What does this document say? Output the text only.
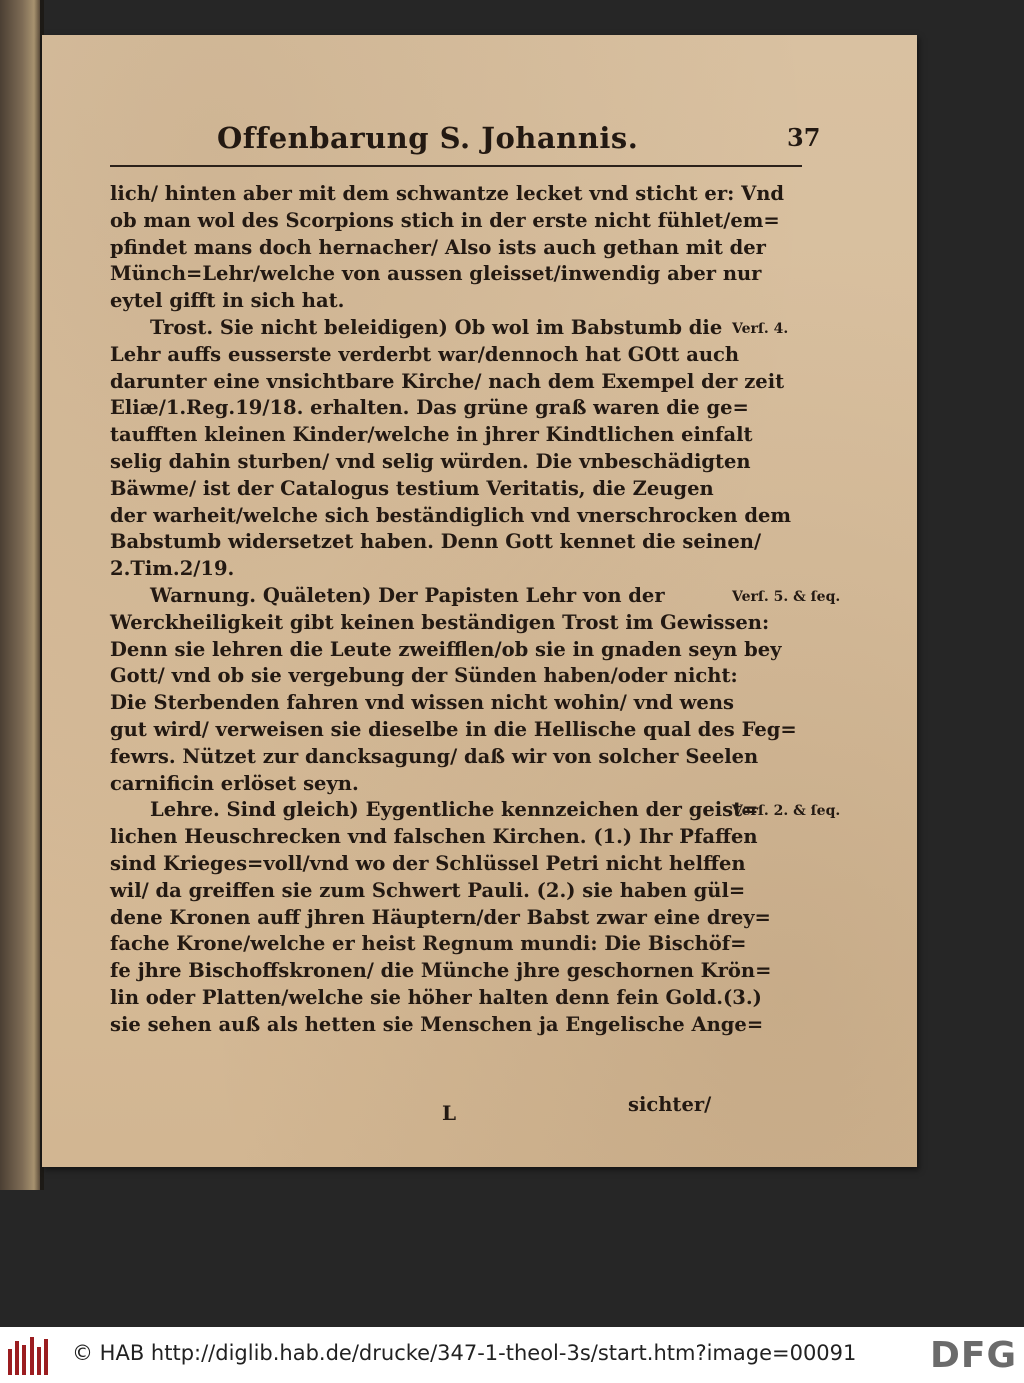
Offenbarung S. Johannis.	37
lich/ hinten aber mit dem schwantze lecket vnd sticht er: Vnd
ob man wol des Scorpions stich in der erste nicht fühlet/em=
pfindet mans doch hernacher/ Also ists auch gethan mit der
Münch=Lehr/welche von aussen gleisset/inwendig aber nur
eytel gifft in sich hat.
Trost. Sie nicht beleidigen) Ob wol im Babstumb die
Lehr auffs eusserste verderbt war/dennoch hat GOtt auch
darunter eine vnsichtbare Kirche/ nach dem Exempel der zeit
Eliæ/1.Reg.19/18. erhalten. Das grüne graß waren die ge=
taufften kleinen Kinder/welche in jhrer Kindtlichen einfalt
selig dahin sturben/ vnd selig würden. Die vnbeschädigten
Bäwme/ ist der Catalogus testium Veritatis, die Zeugen
der warheit/welche sich beständiglich vnd vnerschrocken dem
Babstumb widersetzet haben. Denn Gott kennet die seinen/
2.Tim.2/19.
Warnung. Quäleten) Der Papisten Lehr von der
Werckheiligkeit gibt keinen beständigen Trost im Gewissen:
Denn sie lehren die Leute zweifflen/ob sie in gnaden seyn bey
Gott/ vnd ob sie vergebung der Sünden haben/oder nicht:
Die Sterbenden fahren vnd wissen nicht wohin/ vnd wens
gut wird/ verweisen sie dieselbe in die Hellische qual des Feg=
fewrs. Nützet zur dancksagung/ daß wir von solcher Seelen
carnificin erlöset seyn.
Lehre. Sind gleich) Eygentliche kennzeichen der geist=
lichen Heuschrecken vnd falschen Kirchen. (1.) Ihr Pfaffen
sind Krieges=voll/vnd wo der Schlüssel Petri nicht helffen
wil/ da greiffen sie zum Schwert Pauli. (2.) sie haben gül=
dene Kronen auff jhren Häuptern/der Babst zwar eine drey=
fache Krone/welche er heist Regnum mundi: Die Bischöf=
fe jhre Bischoffskronen/ die Münche jhre geschornen Krön=
lin oder Platten/welche sie höher halten denn fein Gold.(3.)
sie sehen auß als hetten sie Menschen ja Engelische Ange=
Verſ. 4.
Verſ. 5. & ſeq.
Verſ. 2. & ſeq.
L	sichter/
© HAB http://diglib.hab.de/drucke/347-1-theol-3s/start.htm?image=00091 DFG
